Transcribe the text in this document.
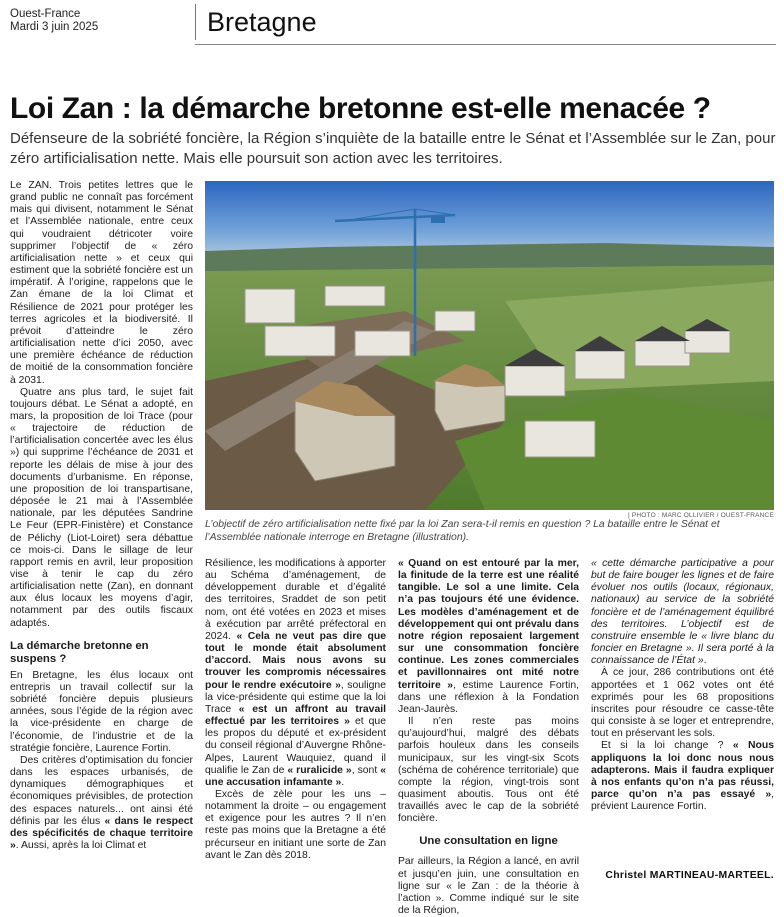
Ouest-France
Mardi 3 juin 2025	Bretagne
Loi Zan : la démarche bretonne est-elle menacée ?

Défenseure de la sobriété foncière, la Région s’inquiète de la bataille entre le Sénat et l’Assemblée sur le Zan, pour zéro artificialisation nette. Mais elle poursuit son action avec les territoires.

Le ZAN. Trois petites lettres que le grand public ne connaît pas forcément mais qui divisent, notamment le Sénat et l’Assemblée nationale, entre ceux qui voudraient détricoter voire supprimer l’objectif de « zéro artificialisation nette » et ceux qui estiment que la sobriété foncière est un impératif. À l’origine, rappelons que le Zan émane de la loi Climat et Résilience de 2021 pour protéger les terres agricoles et la biodiversité. Il prévoit d’atteindre le zéro artificialisation nette d’ici 2050, avec une première échéance de réduction de moitié de la consommation foncière à 2031.

Quatre ans plus tard, le sujet fait toujours débat. Le Sénat a adopté, en mars, la proposition de loi Trace (pour « trajectoire de réduction de l’artificialisation concertée avec les élus ») qui supprime l’échéance de 2031 et reporte les délais de mise à jour des documents d’urbanisme. En réponse, une proposition de loi transpartisane, déposée le 21 mai à l’Assemblée nationale, par les députées Sandrine Le Feur (EPR-Finistère) et Constance de Pélichy (Liot-Loiret) sera débattue ce mois-ci. Dans le sillage de leur rapport remis en avril, leur proposition vise à tenir le cap du zéro artificialisation nette (Zan), en donnant aux élus locaux les moyens d’agir, notamment par des outils fiscaux adaptés.

La démarche bretonne en suspens ?

En Bretagne, les élus locaux ont entrepris un travail collectif sur la sobriété foncière depuis plusieurs années, sous l’égide de la région avec la vice-présidente en charge de l’économie, de l’industrie et de la stratégie foncière, Laurence Fortin.

Des critères d’optimisation du foncier dans les espaces urbanisés, de dynamiques démographiques et économiques prévisibles, de protection des espaces naturels... ont ainsi été définis par les élus « dans le respect des spécificités de chaque territoire ». Aussi, après la loi Climat et

| PHOTO : MARC OLLIVIER / OUEST-FRANCE

L’objectif de zéro artificialisation nette fixé par la loi Zan sera-t-il remis en question ? La bataille entre le Sénat et l’Assemblée nationale interroge en Bretagne (illustration).

Résilience, les modifications à apporter au Schéma d’aménagement, de développement durable et d’égalité des territoires, Sraddet de son petit nom, ont été votées en 2023 et mises à exécution par arrêté préfectoral en 2024. « Cela ne veut pas dire que tout le monde était absolument d’accord. Mais nous avons su trouver les compromis nécessaires pour le rendre exécutoire », souligne la vice-présidente qui estime que la loi Trace « est un affront au travail effectué par les territoires » et que les propos du député et ex-président du conseil régional d’Auvergne Rhône-Alpes, Laurent Wauquiez, quand il qualifie le Zan de « ruralicide », sont « une accusation infamante ».

Excès de zèle pour les uns – notamment la droite – ou engagement et exigence pour les autres ? Il n’en reste pas moins que la Bretagne a été précurseur en initiant une sorte de Zan avant le Zan dès 2018.

« Quand on est entouré par la mer, la finitude de la terre est une réalité tangible. Le sol a une limite. Cela n’a pas toujours été une évidence. Les modèles d’aménagement et de développement qui ont prévalu dans notre région reposaient largement sur une consommation foncière continue. Les zones commerciales et pavillonnaires ont mité notre territoire », estime Laurence Fortin, dans une réflexion à la Fondation Jean-Jaurès.

Il n’en reste pas moins qu’aujourd’hui, malgré des débats parfois houleux dans les conseils municipaux, sur les vingt-six Scots (schéma de cohérence territoriale) que compte la région, vingt-trois sont quasiment aboutis. Tous ont été travaillés avec le cap de la sobriété foncière.

Une consultation en ligne

Par ailleurs, la Région a lancé, en avril et jusqu’en juin, une consultation en ligne sur « le Zan : de la théorie à l’action ». Comme indiqué sur le site de la Région,

« cette démarche participative a pour but de faire bouger les lignes et de faire évoluer nos outils (locaux, régionaux, nationaux) au service de la sobriété foncière et de l’aménagement équilibré des territoires. L’objectif est de construire ensemble le « livre blanc du foncier en Bretagne ». Il sera porté à la connaissance de l’État ».

À ce jour, 286 contributions ont été apportées et 1 062 votes ont été exprimés pour les 68 propositions inscrites pour résoudre ce casse-tête qui consiste à se loger et entreprendre, tout en préservant les sols.

Et si la loi change ? « Nous appliquons la loi donc nous nous adapterons. Mais il faudra expliquer à nos enfants qu’on n’a pas réussi, parce qu’on n’a pas essayé », prévient Laurence Fortin.

Christel MARTINEAU-MARTEEL.
